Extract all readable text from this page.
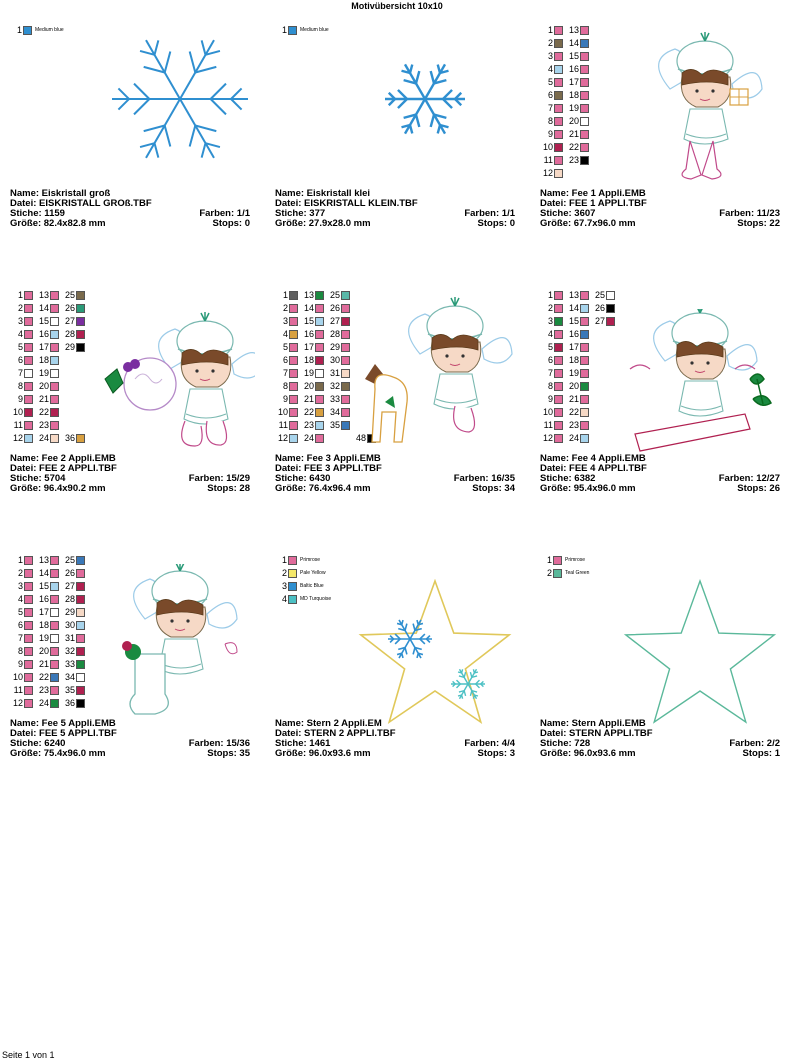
Motivübersicht 10x10
1	Medium blue
Name: Eiskristall groß
Datei: EISKRISTALL GROß.TBF
Stiche: 1159	Farben: 1/1
Größe: 82.4x82.8 mm	Stops: 0
1	Medium blue
Name: Eiskristall klei
Datei: EISKRISTALL KLEIN.TBF
Stiche: 377	Farben: 1/1
Größe: 27.9x28.0 mm	Stops: 0
1	13
2	14
3	15
4	16
5	17
6	18
7	19
8	20
9	21
10	22
11	23
12
Name: Fee 1 Appli.EMB
Datei: FEE 1 APPLI.TBF
Stiche: 3607	Farben: 11/23
Größe: 67.7x96.0 mm	Stops: 22
1	13	25
2	14	26
3	15	27
4	16	28
5	17	29
6	18
7	19
8	20
9	21
10	22
11	23
12	24	36
Name: Fee 2 Appli.EMB
Datei: FEE 2 APPLI.TBF
Stiche: 5704	Farben: 15/29
Größe: 96.4x90.2 mm	Stops: 28
1	13	25
2	14	26
3	15	27
4	16	28
5	17	29
6	18	30
7	19	31
8	20	32
9	21	33
10	22	34
11	23	35
12	24	48
Name: Fee 3 Appli.EMB
Datei: FEE 3 APPLI.TBF
Stiche: 6430	Farben: 16/35
Größe: 76.4x96.4 mm	Stops: 34
1	13	25
2	14	26
3	15	27
4	16
5	17
6	18
7	19
8	20
9	21
10	22
11	23
12	24
Name: Fee 4 Appli.EMB
Datei: FEE 4 APPLI.TBF
Stiche: 6382	Farben: 12/27
Größe: 95.4x96.0 mm	Stops: 26
1	13	25
2	14	26
3	15	27
4	16	28
5	17	29
6	18	30
7	19	31
8	20	32
9	21	33
10	22	34
11	23	35
12	24	36
Name: Fee 5 Appli.EMB
Datei: FEE 5 APPLI.TBF
Stiche: 6240	Farben: 15/36
Größe: 75.4x96.0 mm	Stops: 35
1	Primrose
2	Pale Yellow
3	Baltic Blue
4	MD Turquoise
Name: Stern 2 Appli.EM
Datei: STERN 2 APPLI.TBF
Stiche: 1461	Farben: 4/4
Größe: 96.0x93.6 mm	Stops: 3
1	Primrose
2	Teal Green
Name: Stern Appli.EMB
Datei: STERN APPLI.TBF
Stiche: 728	Farben: 2/2
Größe: 96.0x93.6 mm	Stops: 1
Seite 1 von 1
